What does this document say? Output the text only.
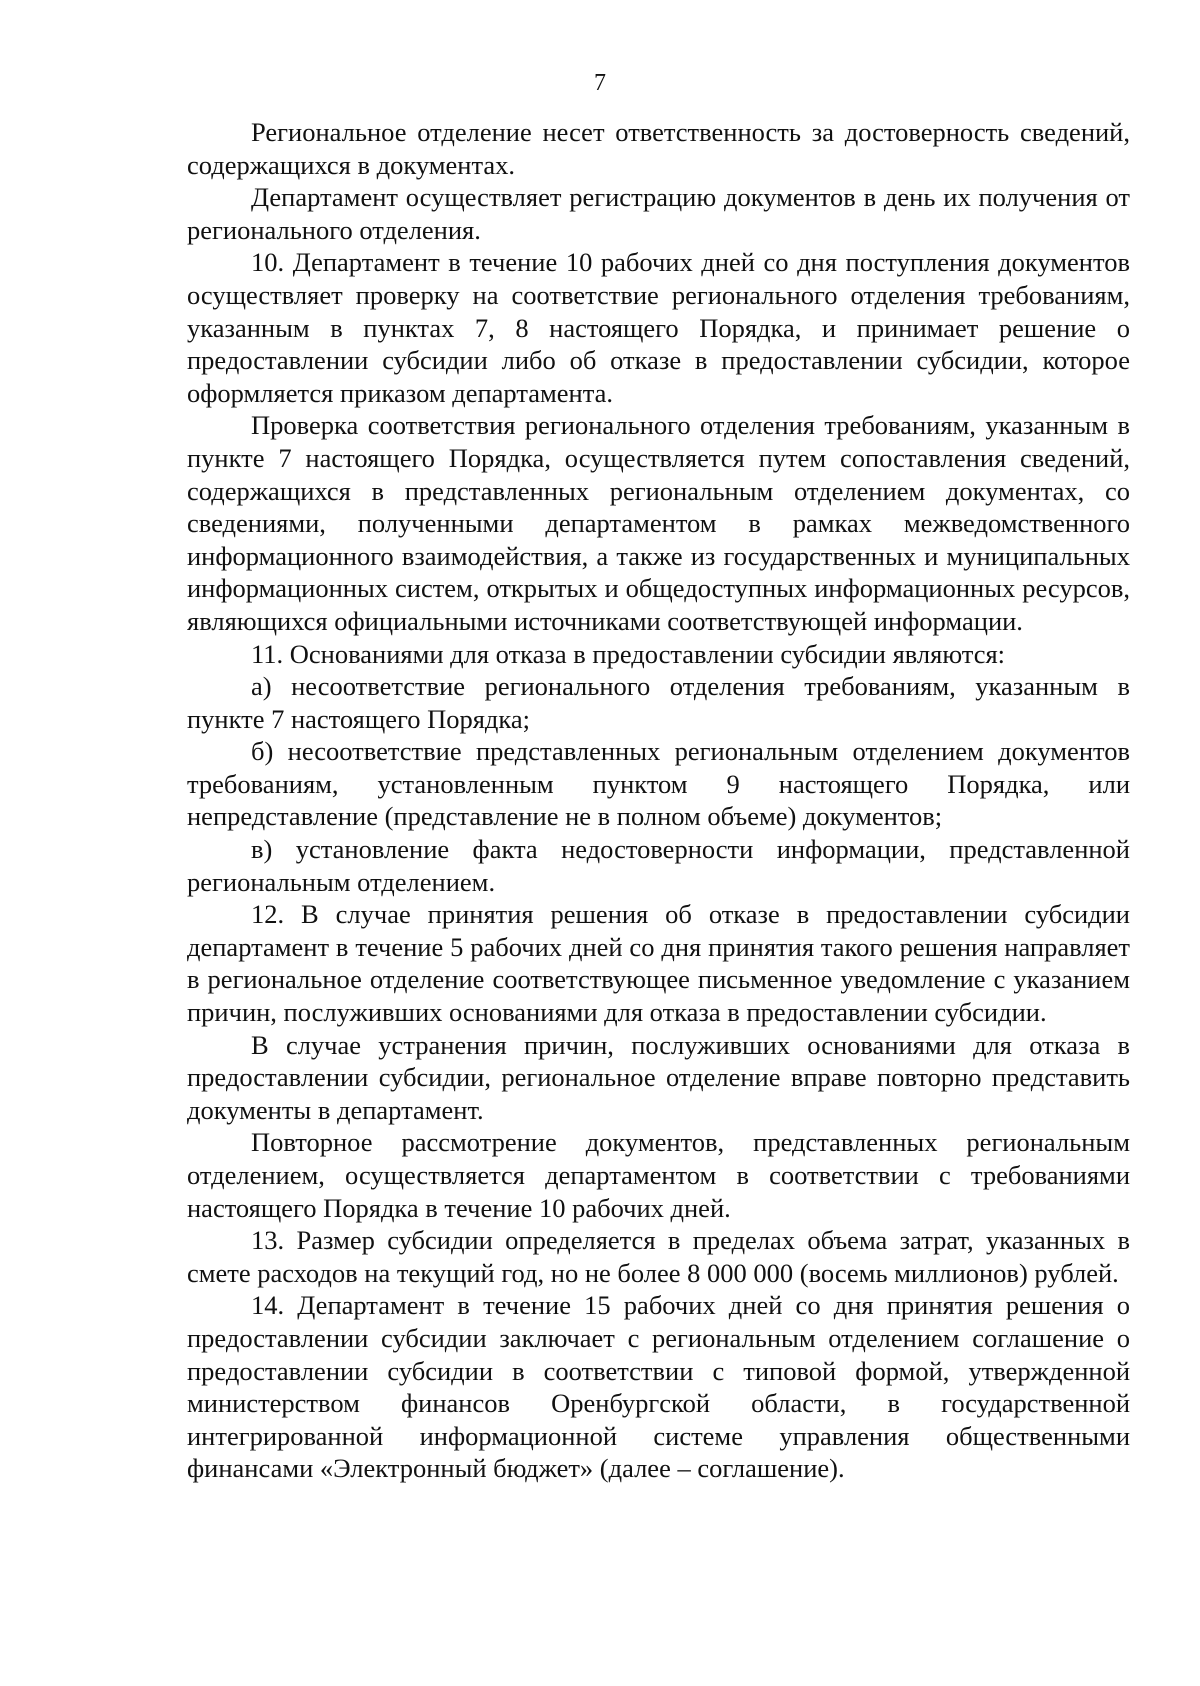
7

Региональное отделение несет ответственность за достоверность сведений, содержащихся в документах.

Департамент осуществляет регистрацию документов в день их получения от регионального отделения.

10. Департамент в течение 10 рабочих дней со дня поступления документов осуществляет проверку на соответствие регионального отделения требованиям, указанным в пунктах 7, 8 настоящего Порядка, и принимает решение о предоставлении субсидии либо об отказе в предоставлении субсидии, которое оформляется приказом департамента.

Проверка соответствия регионального отделения требованиям, указанным в пункте 7 настоящего Порядка, осуществляется путем сопоставления сведений, содержащихся в представленных региональным отделением документах, со сведениями, полученными департаментом в рамках межведомственного информационного взаимодействия, а также из государственных и муниципальных информационных систем, открытых и общедоступных информационных ресурсов, являющихся официальными источниками соответствующей информации.

11. Основаниями для отказа в предоставлении субсидии являются:

а) несоответствие регионального отделения требованиям, указанным в пункте 7 настоящего Порядка;

б) несоответствие представленных региональным отделением документов требованиям, установленным пунктом 9 настоящего Порядка, или непредставление (представление не в полном объеме) документов;

в) установление факта недостоверности информации, представленной региональным отделением.

12. В случае принятия решения об отказе в предоставлении субсидии департамент в течение 5 рабочих дней со дня принятия такого решения направляет в региональное отделение соответствующее письменное уведомление с указанием причин, послуживших основаниями для отказа в предоставлении субсидии.

В случае устранения причин, послуживших основаниями для отказа в предоставлении субсидии, региональное отделение вправе повторно представить документы в департамент.

Повторное рассмотрение документов, представленных региональным отделением, осуществляется департаментом в соответствии с требованиями настоящего Порядка в течение 10 рабочих дней.

13. Размер субсидии определяется в пределах объема затрат, указанных в смете расходов на текущий год, но не более 8 000 000 (восемь миллионов) рублей.

14. Департамент в течение 15 рабочих дней со дня принятия решения о предоставлении субсидии заключает с региональным отделением соглашение о предоставлении субсидии в соответствии с типовой формой, утвержденной министерством финансов Оренбургской области, в государственной интегрированной информационной системе управления общественными финансами «Электронный бюджет» (далее – соглашение).
